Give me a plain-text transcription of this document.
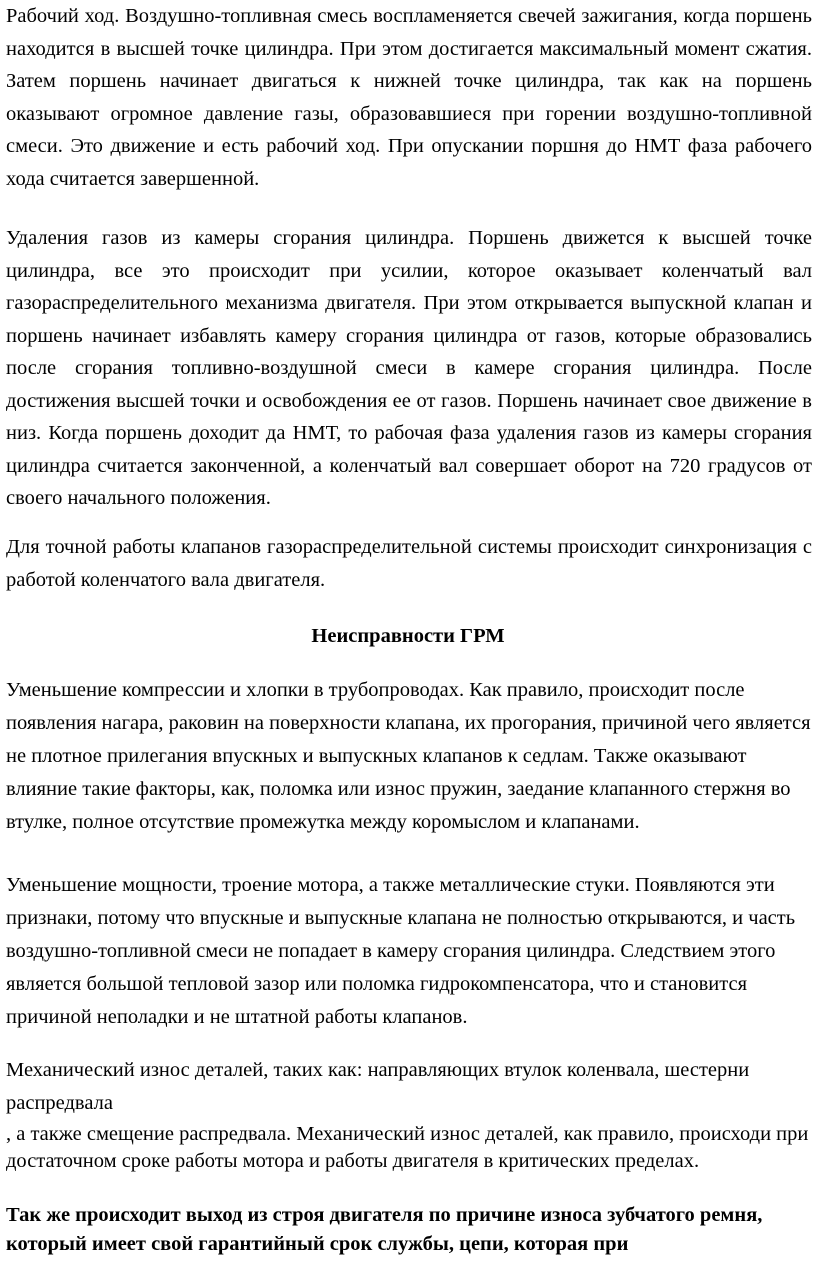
Рабочий ход. Воздушно-топливная смесь воспламеняется свечей зажигания, когда поршень находится в высшей точке цилиндра. При этом достигается максимальный момент сжатия. Затем поршень начинает двигаться к нижней точке цилиндра, так как на поршень оказывают огромное давление газы, образовавшиеся при горении воздушно-топливной смеси. Это движение и есть рабочий ход. При опускании поршня до НМТ фаза рабочего хода считается завершенной.

Удаления газов из камеры сгорания цилиндра. Поршень движется к высшей точке цилиндра, все это происходит при усилии, которое оказывает коленчатый вал газораспределительного механизма двигателя. При этом открывается выпускной клапан и поршень начинает избавлять камеру сгорания цилиндра от газов, которые образовались после сгорания топливно-воздушной смеси в камере сгорания цилиндра. После достижения высшей точки и освобождения ее от газов. Поршень начинает свое движение в низ. Когда поршень доходит да НМТ, то рабочая фаза удаления газов из камеры сгорания цилиндра считается законченной, а коленчатый вал совершает оборот на 720 градусов от своего начального положения.

Для точной работы клапанов газораспределительной системы происходит синхронизация с работой коленчатого вала двигателя.

Неисправности ГРМ

Уменьшение компрессии и хлопки в трубопроводах. Как правило, происходит после появления нагара, раковин на поверхности клапана, их прогорания, причиной чего является не плотное прилегания впускных и выпускных клапанов к седлам. Также оказывают влияние такие факторы, как, поломка или износ пружин, заедание клапанного стержня во втулке, полное отсутствие промежутка между коромыслом и клапанами.

Уменьшение мощности, троение мотора, а также металлические стуки. Появляются эти признаки, потому что впускные и выпускные клапана не полностью открываются, и часть воздушно-топливной смеси не попадает в камеру сгорания цилиндра. Следствием этого является большой тепловой зазор или поломка гидрокомпенсатора, что и становится причиной неполадки и не штатной работы клапанов.

Механический износ деталей, таких как: направляющих втулок коленвала, шестерни распредвала

, а также смещение распредвала. Механический износ деталей, как правило, происходи при достаточном сроке работы мотора и работы двигателя в критических пределах.

Так же происходит выход из строя двигателя по причине износа зубчатого ремня, который имеет свой гарантийный срок службы, цепи, которая при
